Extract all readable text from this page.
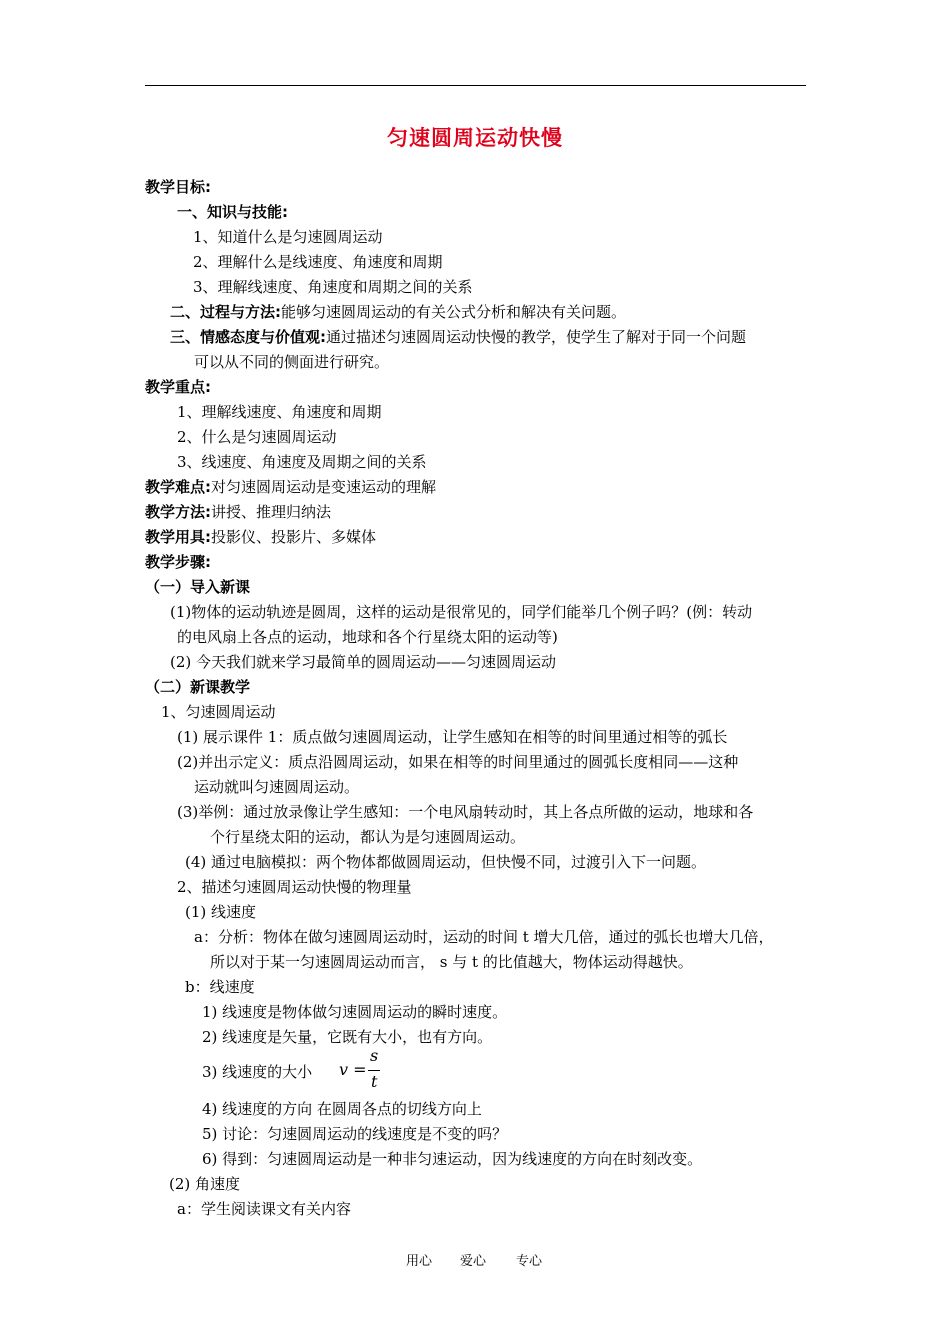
匀速圆周运动快慢
教学目标:
一、知识与技能:
1、知道什么是匀速圆周运动
2、理解什么是线速度、角速度和周期
3、理解线速度、角速度和周期之间的关系
二、过程与方法:能够匀速圆周运动的有关公式分析和解决有关问题。
三、情感态度与价值观:通过描述匀速圆周运动快慢的教学，使学生了解对于同一个问题
可以从不同的侧面进行研究。
教学重点:
1、理解线速度、角速度和周期
2、什么是匀速圆周运动
3、线速度、角速度及周期之间的关系
教学难点:对匀速圆周运动是变速运动的理解
教学方法:讲授、推理归纳法
教学用具:投影仪、投影片、多媒体
教学步骤:
（一）导入新课
(1)物体的运动轨迹是圆周，这样的运动是很常见的，同学们能举几个例子吗？(例：转动
的电风扇上各点的运动，地球和各个行星绕太阳的运动等)
(2) 今天我们就来学习最简单的圆周运动——匀速圆周运动
（二）新课教学
1、匀速圆周运动
(1) 展示课件 1：质点做匀速圆周运动，让学生感知在相等的时间里通过相等的弧长
(2)并出示定义：质点沿圆周运动，如果在相等的时间里通过的圆弧长度相同——这种
运动就叫匀速圆周运动。
(3)举例：通过放录像让学生感知：一个电风扇转动时，其上各点所做的运动，地球和各
个行星绕太阳的运动，都认为是匀速圆周运动。
(4) 通过电脑模拟：两个物体都做圆周运动，但快慢不同，过渡引入下一问题。
2、描述匀速圆周运动快慢的物理量
(1) 线速度
a：分析：物体在做匀速圆周运动时，运动的时间 t 增大几倍，通过的弧长也增大几倍，
所以对于某一匀速圆周运动而言， s 与 t 的比值越大，物体运动得越快。
b：线速度
1) 线速度是物体做匀速圆周运动的瞬时速度。
2) 线速度是矢量，它既有大小，也有方向。
3) 线速度的大小 v =
s
t
4) 线速度的方向 在圆周各点的切线方向上
5) 讨论：匀速圆周运动的线速度是不变的吗？
6) 得到：匀速圆周运动是一种非匀速运动，因为线速度的方向在时刻改变。
(2) 角速度
a：学生阅读课文有关内容
用心 爱心 专心
